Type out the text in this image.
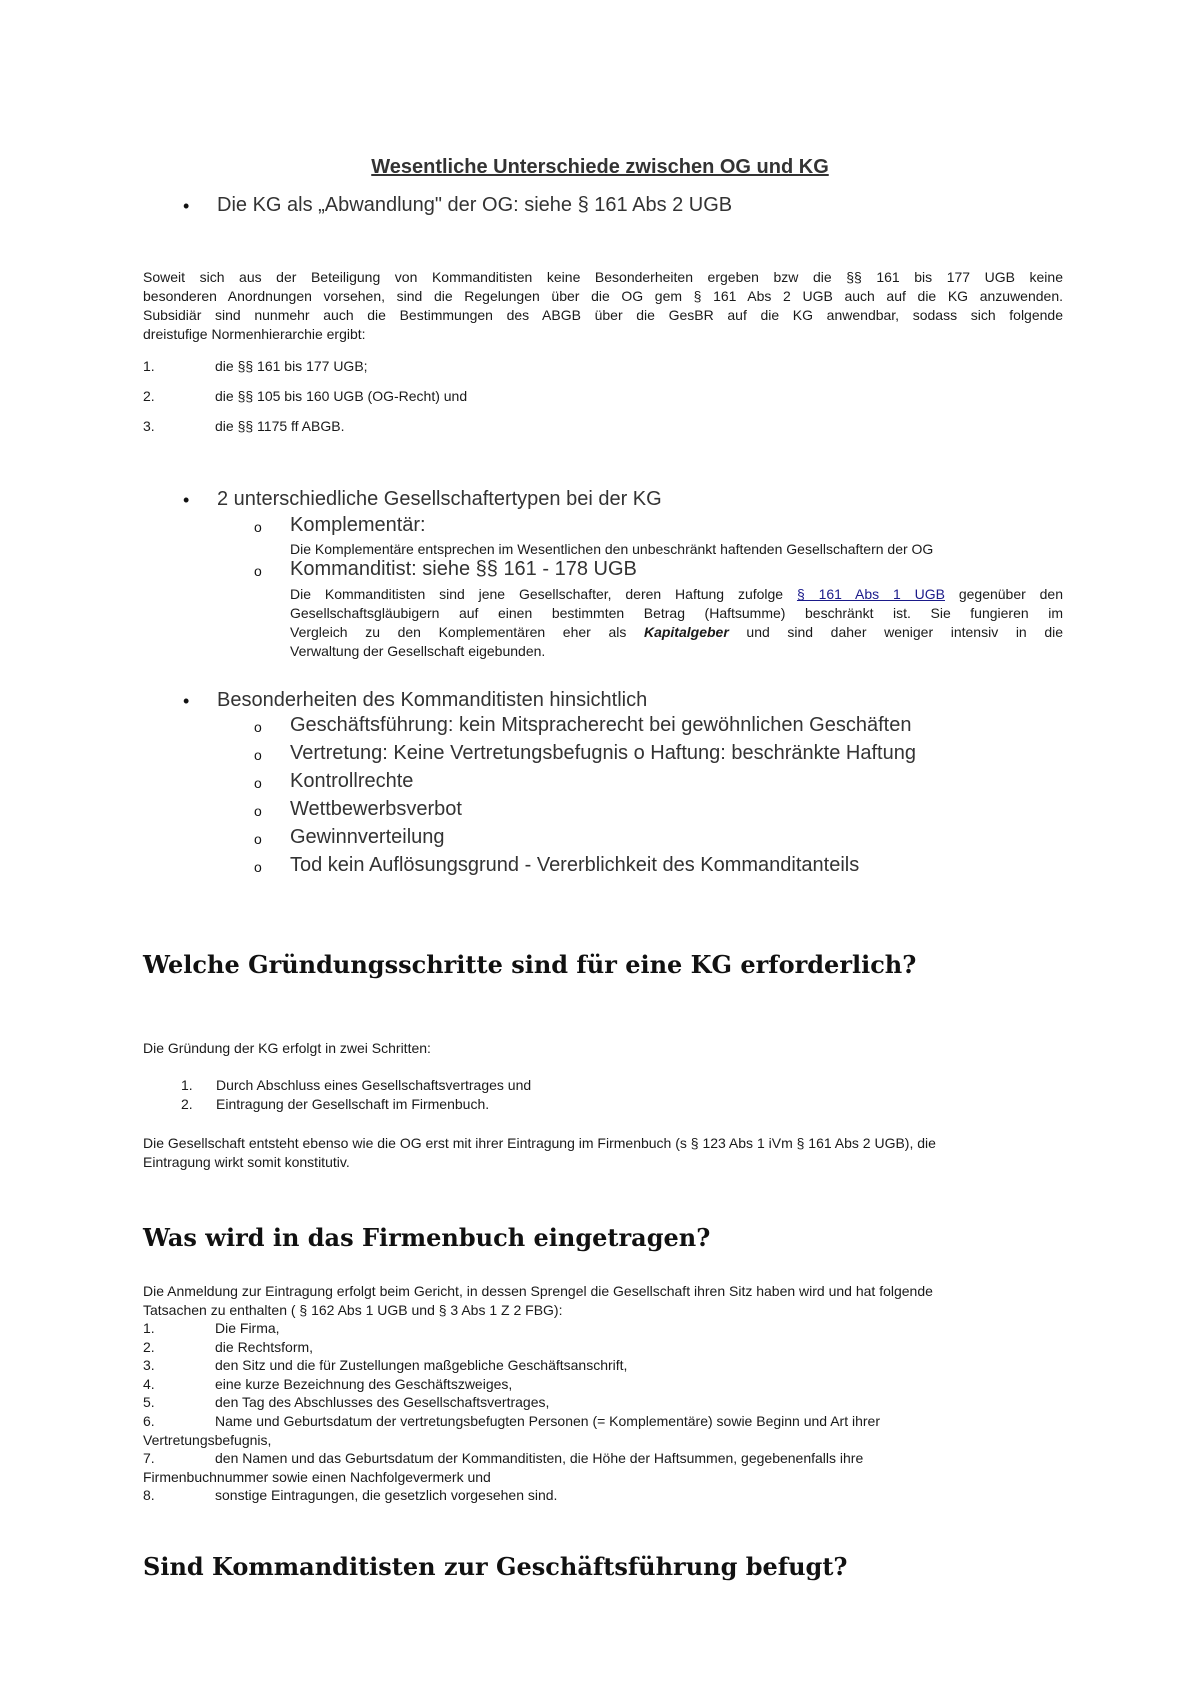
Wesentliche Unterschiede zwischen OG und KG
• Die KG als „Abwandlung" der OG: siehe § 161 Abs 2 UGB
Soweit sich aus der Beteiligung von Kommanditisten keine Besonderheiten ergeben bzw die §§ 161 bis 177 UGB keine
besonderen Anordnungen vorsehen, sind die Regelungen über die OG gem § 161 Abs 2 UGB auch auf die KG anzuwenden.
Subsidiär sind nunmehr auch die Bestimmungen des ABGB über die GesBR auf die KG anwendbar, sodass sich folgende
dreistufige Normenhierarchie ergibt:
1.	die §§ 161 bis 177 UGB;
2.	die §§ 105 bis 160 UGB (OG-Recht) und
3.	die §§ 1175 ff ABGB.
• 2 unterschiedliche Gesellschaftertypen bei der KG
o Komplementär:
Die Komplementäre entsprechen im Wesentlichen den unbeschränkt haftenden Gesellschaftern der OG
o Kommanditist: siehe §§ 161 - 178 UGB
Die Kommanditisten sind jene Gesellschafter, deren Haftung zufolge § 161 Abs 1 UGB gegenüber den
Gesellschaftsgläubigern auf einen bestimmten Betrag (Haftsumme) beschränkt ist. Sie fungieren im
Vergleich zu den Komplementären eher als Kapitalgeber und sind daher weniger intensiv in die
Verwaltung der Gesellschaft eigebunden.
• Besonderheiten des Kommanditisten hinsichtlich
o Geschäftsführung: kein Mitspracherecht bei gewöhnlichen Geschäften
o Vertretung: Keine Vertretungsbefugnis o Haftung: beschränkte Haftung
o Kontrollrechte
o Wettbewerbsverbot
o Gewinnverteilung
o Tod kein Auflösungsgrund - Vererblichkeit des Kommanditanteils
Welche Gründungsschritte sind für eine KG erforderlich?
Die Gründung der KG erfolgt in zwei Schritten:
1. Durch Abschluss eines Gesellschaftsvertrages und
2. Eintragung der Gesellschaft im Firmenbuch.
Die Gesellschaft entsteht ebenso wie die OG erst mit ihrer Eintragung im Firmenbuch (s § 123 Abs 1 iVm § 161 Abs 2 UGB), die
Eintragung wirkt somit konstitutiv.
Was wird in das Firmenbuch eingetragen?
Die Anmeldung zur Eintragung erfolgt beim Gericht, in dessen Sprengel die Gesellschaft ihren Sitz haben wird und hat folgende
Tatsachen zu enthalten ( § 162 Abs 1 UGB und § 3 Abs 1 Z 2 FBG):
1.	Die Firma,
2.	die Rechtsform,
3.	den Sitz und die für Zustellungen maßgebliche Geschäftsanschrift,
4.	eine kurze Bezeichnung des Geschäftszweiges,
5.	den Tag des Abschlusses des Gesellschaftsvertrages,
6.	Name und Geburtsdatum der vertretungsbefugten Personen (= Komplementäre) sowie Beginn und Art ihrer
Vertretungsbefugnis,
7.	den Namen und das Geburtsdatum der Kommanditisten, die Höhe der Haftsummen, gegebenenfalls ihre
Firmenbuchnummer sowie einen Nachfolgevermerk und
8.	sonstige Eintragungen, die gesetzlich vorgesehen sind.
Sind Kommanditisten zur Geschäftsführung befugt?
